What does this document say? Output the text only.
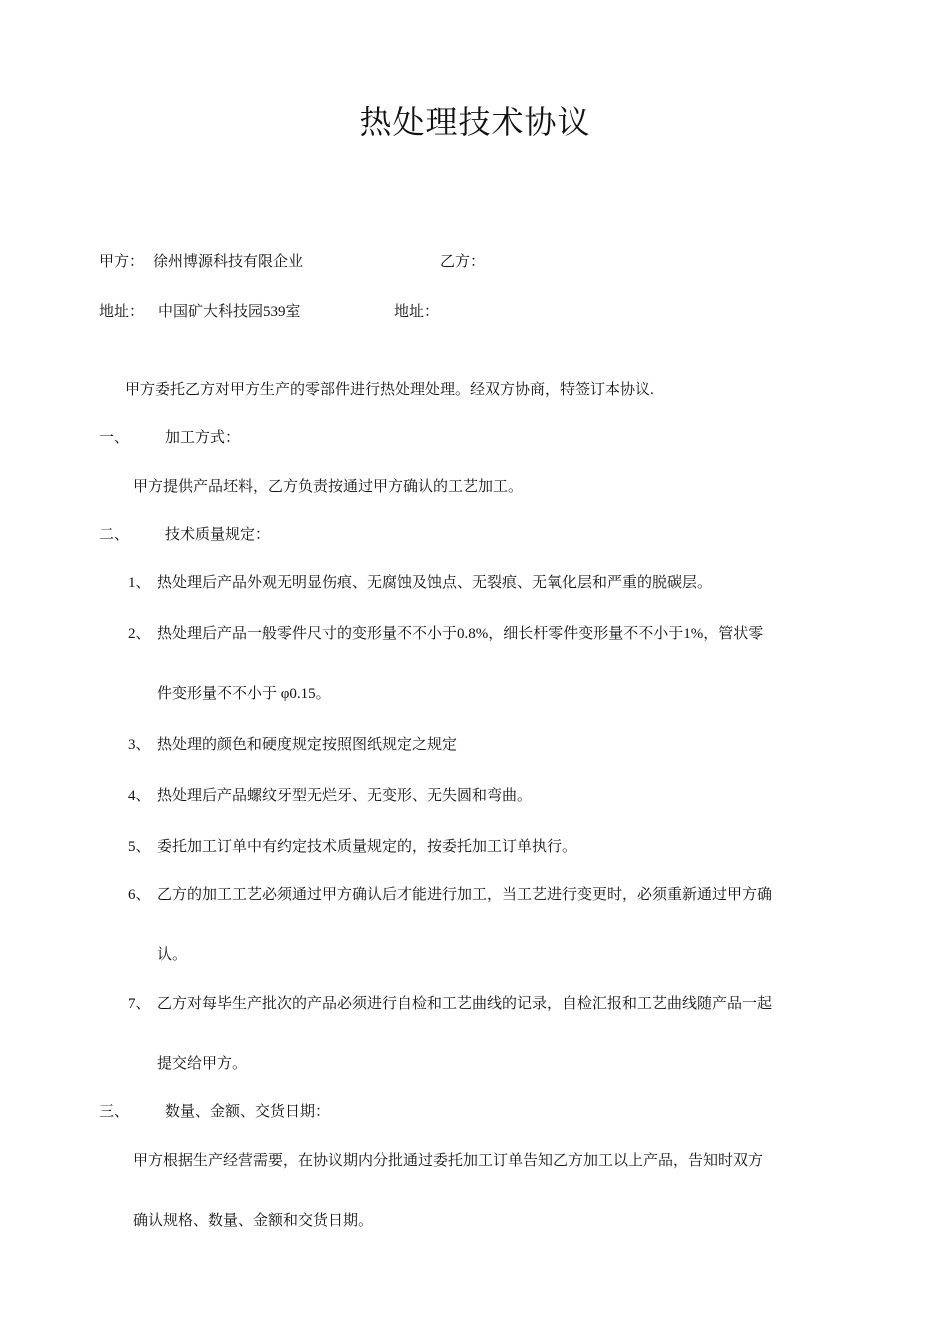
热处理技术协议
甲方： 徐州博源科技有限企业	乙方：
地址： 中国矿大科技园539室	地址：
甲方委托乙方对甲方生产的零部件进行热处理处理。经双方协商，特签订本协议.
一、 加工方式：
甲方提供产品坯料，乙方负责按通过甲方确认的工艺加工。
二、 技术质量规定：
1、 热处理后产品外观无明显伤痕、无腐蚀及蚀点、无裂痕、无氧化层和严重的脱碳层。
2、 热处理后产品一般零件尺寸的变形量不不小于0.8%，细长杆零件变形量不不小于1%，管状零
件变形量不不小于 φ0.15。
3、 热处理的颜色和硬度规定按照图纸规定之规定
4、 热处理后产品螺纹牙型无烂牙、无变形、无失圆和弯曲。
5、 委托加工订单中有约定技术质量规定的，按委托加工订单执行。
6、 乙方的加工工艺必须通过甲方确认后才能进行加工，当工艺进行变更时，必须重新通过甲方确
认。
7、 乙方对每毕生产批次的产品必须进行自检和工艺曲线的记录，自检汇报和工艺曲线随产品一起
提交给甲方。
三、 数量、金额、交货日期：
甲方根据生产经营需要，在协议期内分批通过委托加工订单告知乙方加工以上产品，告知时双方
确认规格、数量、金额和交货日期。
